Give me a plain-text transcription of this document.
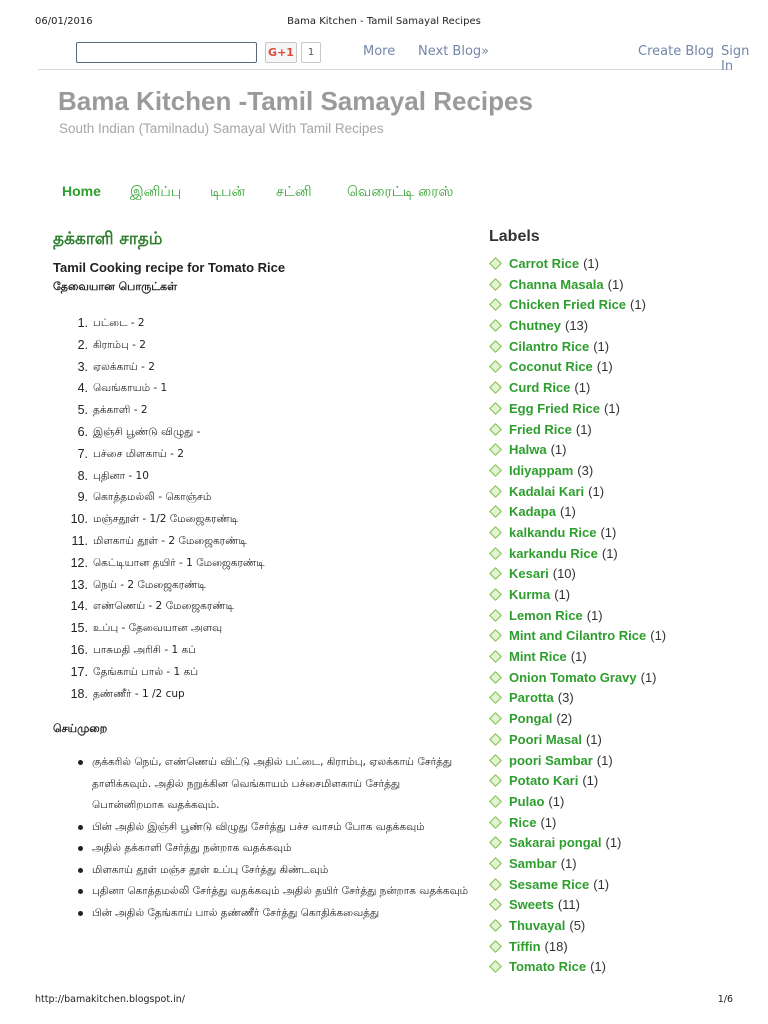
06/01/2016	Bama Kitchen - Tamil Samayal Recipes
G+1	1	More Next Blog»	Create Blog Sign In
Bama Kitchen -Tamil Samayal Recipes
South Indian (Tamilnadu) Samayal With Tamil Recipes
Home இனிப்பு டிபன் சட்னி	வெரைட்டி ரைஸ்
தக்காளி சாதம்
Tamil Cooking recipe for Tomato Rice
தேவையான பொருட்கள்
1. பட்டை - 2
2. கிராம்பு - 2
3. ஏலக்காய் - 2
4. வெங்காயம் - 1
5. தக்காளி - 2
6. இஞ்சி பூண்டு விழுது -
7. பச்சை மிளகாய் - 2
8. புதினா - 10
9. கொத்தமல்லி - கொஞ்சம்
10. மஞ்சதூள் - 1/2 மேஜைகரண்டி
11. மிளகாய் தூள் - 2 மேஜைகரண்டி
12. கெட்டியான தயிர் - 1 மேஜைகரண்டி
13. நெய் - 2 மேஜைகரண்டி
14. எண்ணெய் - 2 மேஜைகரண்டி
15. உப்பு - தேவையான அளவு
16. பாசுமதி அரிசி - 1 கப்
17. தேங்காய் பால் - 1 கப்
18. தண்ணீர் - 1 /2 cup
செய்முறை
குக்கரில் நெய், எண்ணெய் விட்டு அதில் பட்டை, கிராம்பு, ஏலக்காய் சேர்த்து தாளிக்கவும். அதில் நறுக்கின வெங்காயம் பச்சைமிளகாய் சேர்த்து பொன்னிறமாக வதக்கவும்.
பின் அதில் இஞ்சி பூண்டு விழுது சேர்த்து பச்ச வாசம் போக வதக்கவும்
அதில் தக்காளி சேர்த்து நன்றாக வதக்கவும்
மிளகாய் தூள் மஞ்ச தூள் உப்பு சேர்த்து கிண்டவும்
புதினா கொத்தமல்லி சேர்த்து வதக்கவும் அதில் தயிர் சேர்த்து நன்றாக வதக்கவும்
பின் அதில் தேங்காய் பால் தண்ணீர் சேர்த்து கொதிக்கவைத்து
Labels
Carrot Rice (1)
Channa Masala (1)
Chicken Fried Rice (1)
Chutney (13)
Cilantro Rice (1)
Coconut Rice (1)
Curd Rice (1)
Egg Fried Rice (1)
Fried Rice (1)
Halwa (1)
Idiyappam (3)
Kadalai Kari (1)
Kadapa (1)
kalkandu Rice (1)
karkandu Rice (1)
Kesari (10)
Kurma (1)
Lemon Rice (1)
Mint and Cilantro Rice (1)
Mint Rice (1)
Onion Tomato Gravy (1)
Parotta (3)
Pongal (2)
Poori Masal (1)
poori Sambar (1)
Potato Kari (1)
Pulao (1)
Rice (1)
Sakarai pongal (1)
Sambar (1)
Sesame Rice (1)
Sweets (11)
Thuvayal (5)
Tiffin (18)
Tomato Rice (1)
http://bamakitchen.blogspot.in/	1/6
